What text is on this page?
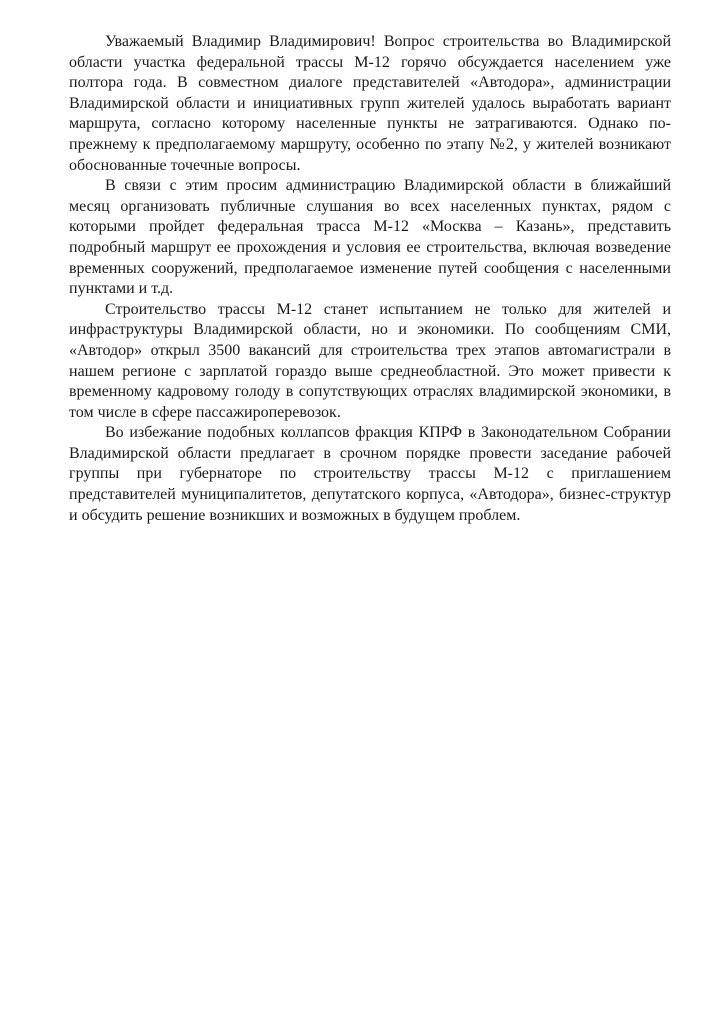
Уважаемый Владимир Владимирович! Вопрос строительства во Владимирской области участка федеральной трассы М-12 горячо обсуждается населением уже полтора года. В совместном диалоге представителей «Автодора», администрации Владимирской области и инициативных групп жителей удалось выработать вариант маршрута, согласно которому населенные пункты не затрагиваются. Однако по-прежнему к предполагаемому маршруту, особенно по этапу №2, у жителей возникают обоснованные точечные вопросы.

В связи с этим просим администрацию Владимирской области в ближайший месяц организовать публичные слушания во всех населенных пунктах, рядом с которыми пройдет федеральная трасса М-12 «Москва – Казань», представить подробный маршрут ее прохождения и условия ее строительства, включая возведение временных сооружений, предполагаемое изменение путей сообщения с населенными пунктами и т.д.

Строительство трассы М-12 станет испытанием не только для жителей и инфраструктуры Владимирской области, но и экономики. По сообщениям СМИ, «Автодор» открыл 3500 вакансий для строительства трех этапов автомагистрали в нашем регионе с зарплатой гораздо выше среднеобластной. Это может привести к временному кадровому голоду в сопутствующих отраслях владимирской экономики, в том числе в сфере пассажироперевозок.

Во избежание подобных коллапсов фракция КПРФ в Законодательном Собрании Владимирской области предлагает в срочном порядке провести заседание рабочей группы при губернаторе по строительству трассы М-12 с приглашением представителей муниципалитетов, депутатского корпуса, «Автодора», бизнес-структур и обсудить решение возникших и возможных в будущем проблем.
